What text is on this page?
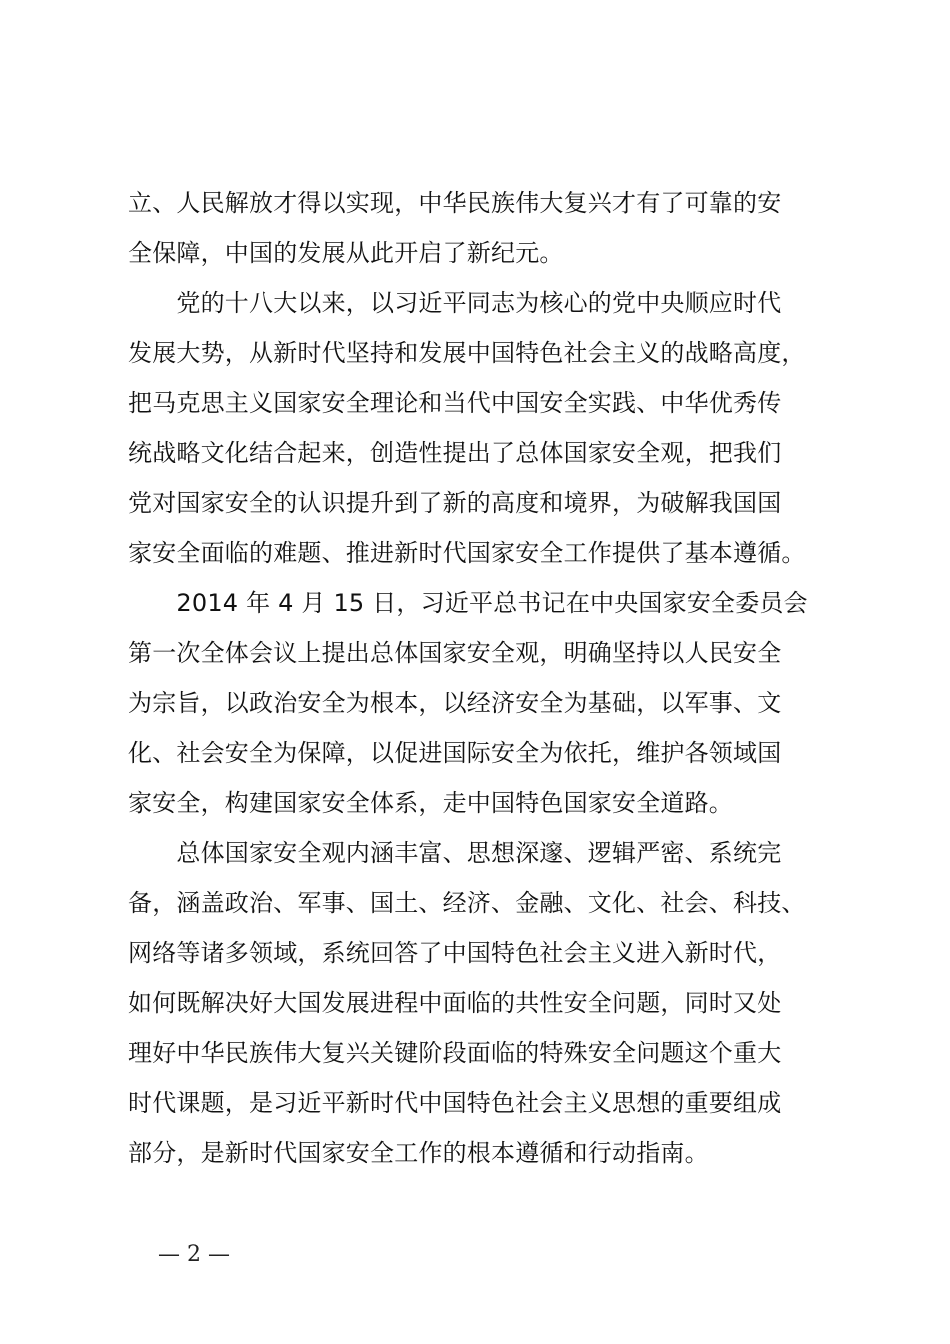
立、人民解放才得以实现，中华民族伟大复兴才有了可靠的安
全保障，中国的发展从此开启了新纪元。
　　党的十八大以来，以习近平同志为核心的党中央顺应时代
发展大势，从新时代坚持和发展中国特色社会主义的战略高度，
把马克思主义国家安全理论和当代中国安全实践、中华优秀传
统战略文化结合起来，创造性提出了总体国家安全观，把我们
党对国家安全的认识提升到了新的高度和境界，为破解我国国
家安全面临的难题、推进新时代国家安全工作提供了基本遵循。
　　2014 年 4 月 15 日，习近平总书记在中央国家安全委员会
第一次全体会议上提出总体国家安全观，明确坚持以人民安全
为宗旨，以政治安全为根本，以经济安全为基础，以军事、文
化、社会安全为保障，以促进国际安全为依托，维护各领域国
家安全，构建国家安全体系，走中国特色国家安全道路。
　　总体国家安全观内涵丰富、思想深邃、逻辑严密、系统完
备，涵盖政治、军事、国土、经济、金融、文化、社会、科技、
网络等诸多领域，系统回答了中国特色社会主义进入新时代，
如何既解决好大国发展进程中面临的共性安全问题，同时又处
理好中华民族伟大复兴关键阶段面临的特殊安全问题这个重大
时代课题，是习近平新时代中国特色社会主义思想的重要组成
部分，是新时代国家安全工作的根本遵循和行动指南。
— 2 —
